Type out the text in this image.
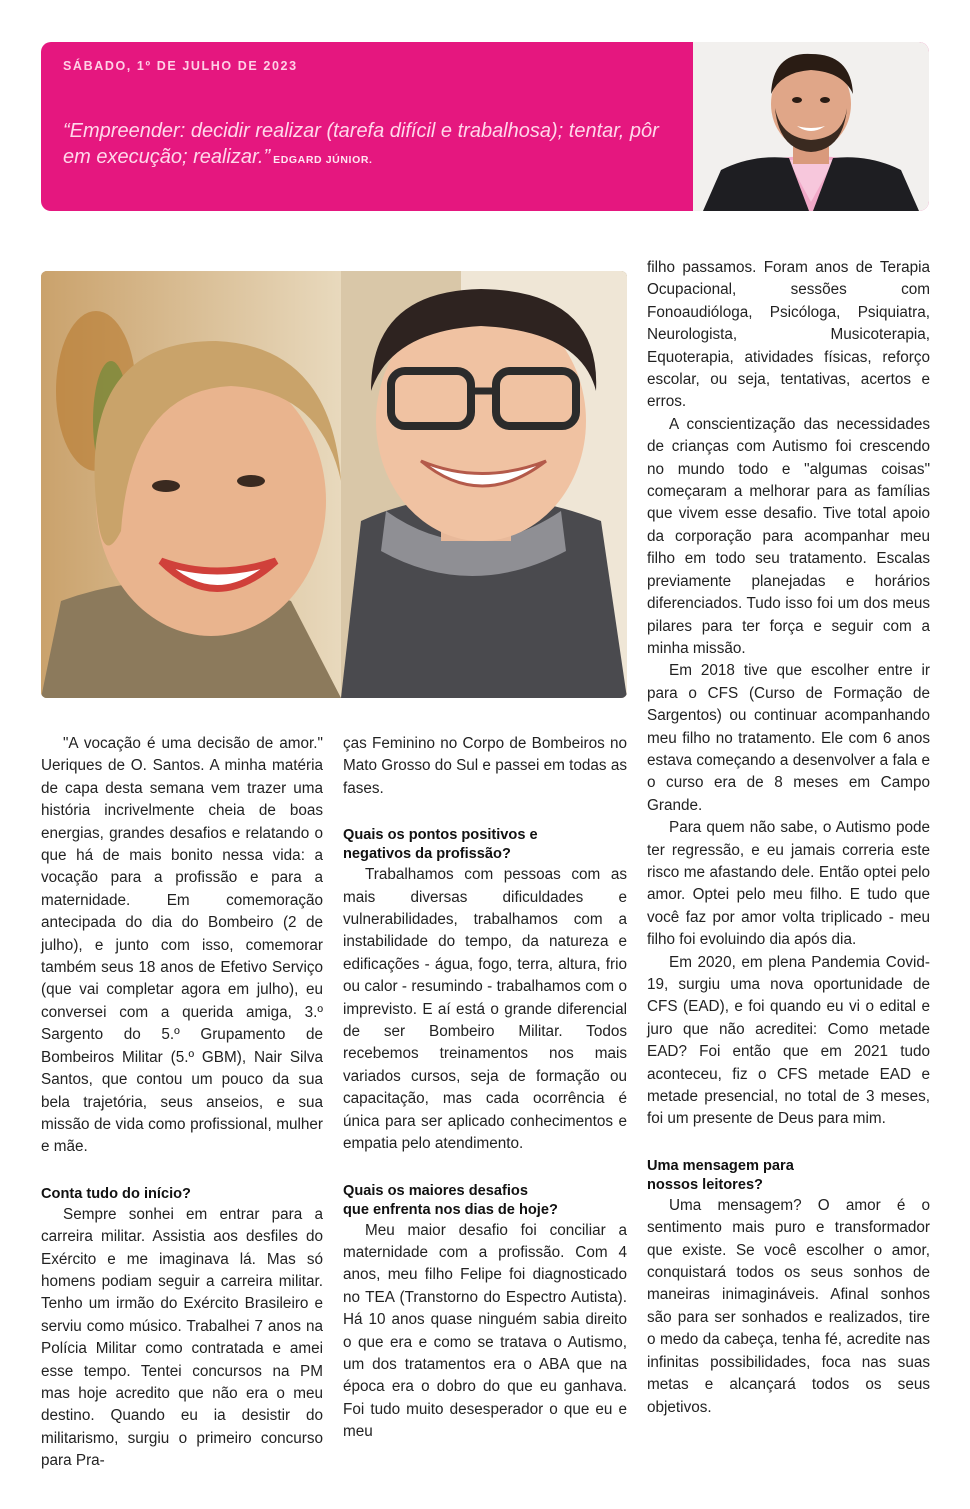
SÁBADO, 1º DE JULHO DE 2023
“Empreender: decidir realizar (tarefa difícil e trabalhosa); tentar, pôr em execução; realizar.” EDGARD JÚNIOR.

"A vocação é uma decisão de amor." Ueriques de O. Santos. A minha matéria de capa desta semana vem trazer uma história incrivelmente cheia de boas energias, grandes desafios e relatando o que há de mais bonito nessa vida: a vocação para a profissão e para a maternidade. Em comemoração antecipada do dia do Bombeiro (2 de julho), e junto com isso, comemorar também seus 18 anos de Efetivo Serviço (que vai completar agora em julho), eu conversei com a querida amiga, 3.º Sargento do 5.º Grupamento de Bombeiros Militar (5.º GBM), Nair Silva Santos, que contou um pouco da sua bela trajetória, seus anseios, e sua missão de vida como profissional, mulher e mãe.

Conta tudo do início?

Sempre sonhei em entrar para a carreira militar. Assistia aos desfiles do Exército e me imaginava lá. Mas só homens podiam seguir a carreira militar. Tenho um irmão do Exército Brasileiro e serviu como músico. Trabalhei 7 anos na Polícia Militar como contratada e amei esse tempo. Tentei concursos na PM mas hoje acredito que não era o meu destino. Quando eu ia desistir do militarismo, surgiu o primeiro concurso para Pra-

ças Feminino no Corpo de Bombeiros no Mato Grosso do Sul e passei em todas as fases.

Quais os pontos positivos e
negativos da profissão?

Trabalhamos com pessoas com as mais diversas dificuldades e vulnerabilidades, trabalhamos com a instabilidade do tempo, da natureza e edificações - água, fogo, terra, altura, frio ou calor - resumindo - trabalhamos com o imprevisto. E aí está o grande diferencial de ser Bombeiro Militar. Todos recebemos treinamentos nos mais variados cursos, seja de formação ou capacitação, mas cada ocorrência é única para ser aplicado conhecimentos e empatia pelo atendimento.

Quais os maiores desafios
que enfrenta nos dias de hoje?

Meu maior desafio foi conciliar a maternidade com a profissão. Com 4 anos, meu filho Felipe foi diagnosticado no TEA (Transtorno do Espectro Autista). Há 10 anos quase ninguém sabia direito o que era e como se tratava o Autismo, um dos tratamentos era o ABA que na época era o dobro do que eu ganhava. Foi tudo muito desesperador o que eu e meu

filho passamos. Foram anos de Terapia Ocupacional, sessões com Fonoaudióloga, Psicóloga, Psiquiatra, Neurologista, Musicoterapia, Equoterapia, atividades físicas, reforço escolar, ou seja, tentativas, acertos e erros.

A conscientização das necessidades de crianças com Autismo foi crescendo no mundo todo e "algumas coisas" começaram a melhorar para as famílias que vivem esse desafio. Tive total apoio da corporação para acompanhar meu filho em todo seu tratamento. Escalas previamente planejadas e horários diferenciados. Tudo isso foi um dos meus pilares para ter força e seguir com a minha missão.

Em 2018 tive que escolher entre ir para o CFS (Curso de Formação de Sargentos) ou continuar acompanhando meu filho no tratamento. Ele com 6 anos estava começando a desenvolver a fala e o curso era de 8 meses em Campo Grande.

Para quem não sabe, o Autismo pode ter regressão, e eu jamais correria este risco me afastando dele. Então optei pelo amor. Optei pelo meu filho. E tudo que você faz por amor volta triplicado - meu filho foi evoluindo dia após dia.

Em 2020, em plena Pandemia Covid-19, surgiu uma nova oportunidade de CFS (EAD), e foi quando eu vi o edital e juro que não acreditei: Como metade EAD? Foi então que em 2021 tudo aconteceu, fiz o CFS metade EAD e metade presencial, no total de 3 meses, foi um presente de Deus para mim.

Uma mensagem para
nossos leitores?

Uma mensagem? O amor é o sentimento mais puro e transformador que existe. Se você escolher o amor, conquistará todos os seus sonhos de maneiras inimagináveis. Afinal sonhos são para ser sonhados e realizados, tire o medo da cabeça, tenha fé, acredite nas infinitas possibilidades, foca nas suas metas e alcançará todos os seus objetivos.
